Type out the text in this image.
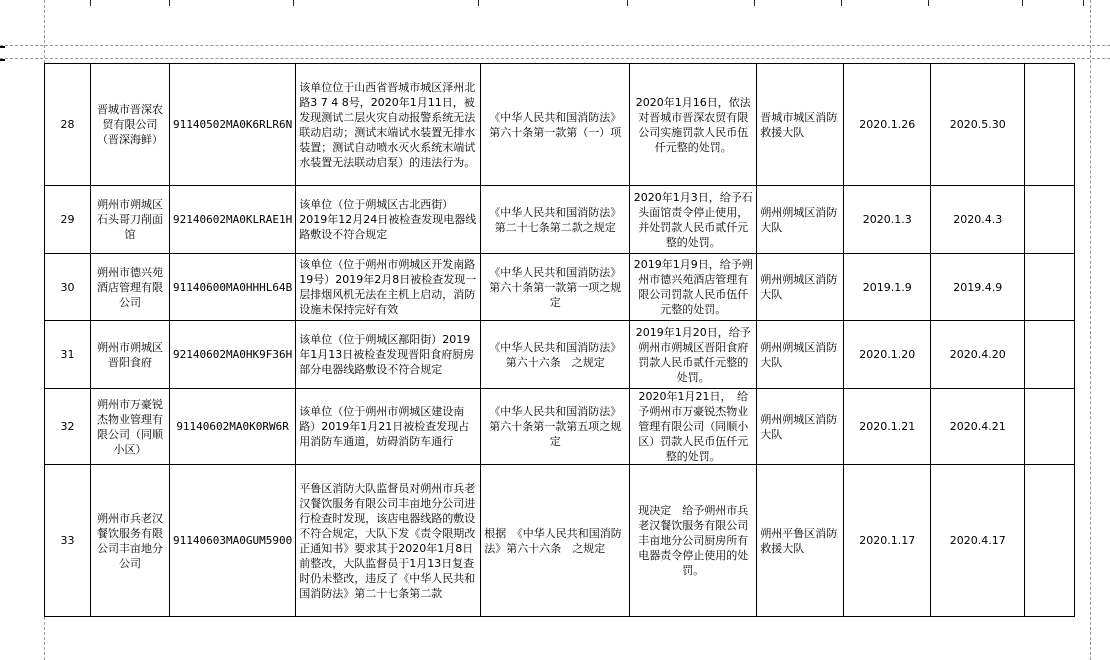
28	晋城市晋深农贸有限公司（晋深海鲜）	91140502MA0K6RLR6N	该单位位于山西省晋城市城区泽州北路3 7 4 8号，2020年1月11日，被发现测试二层火灾自动报警系统无法联动启动；测试末端试水装置无排水装置；测试自动喷水灭火系统末端试水装置无法联动启泵）的违法行为。	《中华人民共和国消防法》第六十条第一款第（一）项	2020年1月16日，依法对晋城市晋深农贸有限公司实施罚款人民币伍仟元整的处罚。	晋城市城区消防救援大队	2020.1.26	2020.5.30	
29	朔州市朔城区石头哥刀削面馆	92140602MA0KLRAE1H	该单位（位于朔城区古北西街）2019年12月24日被检查发现电器线路敷设不符合规定	《中华人民共和国消防法》第二十七条第二款之规定	2020年1月3日，给予石头面馆责令停止使用，并处罚款人民币贰仟元整的处罚。	朔州朔城区消防大队	2020.1.3	2020.4.3	
30	朔州市德兴苑酒店管理有限公司	91140600MA0HHHL64B	该单位（位于朔州市朔城区开发南路19号）2019年2月8日被检查发现一层排烟风机无法在主机上启动，消防设施未保持完好有效	《中华人民共和国消防法》第六十条第一款第一项之规定	2019年1月9日，给予朔州市德兴苑酒店管理有限公司罚款人民币伍仟元整的处罚。	朔州朔城区消防大队	2019.1.9	2019.4.9	
31	朔州市朔城区晋阳食府	92140602MA0HK9F36H	该单位（位于朔城区鄯阳街）2019年1月13日被检查发现晋阳食府厨房部分电器线路敷设不符合规定	《中华人民共和国消防法》第六十六条　之规定	2019年1月20日，给予朔州市朔城区晋阳食府罚款人民币贰仟元整的处罚。	朔州朔城区消防大队	2020.1.20	2020.4.20	
32	朔州市万豪锐杰物业管理有限公司（同顺小区）	91140602MA0K0RW6R	该单位（位于朔州市朔城区建设南路）2019年1月21日被检查发现占用消防车通道，妨碍消防车通行	《中华人民共和国消防法》第六十条第一款第五项之规定	2020年1月21日，　给予朔州市万豪锐杰物业管理有限公司（同顺小区）罚款人民币伍仟元整的处罚。	朔州朔城区消防大队	2020.1.21	2020.4.21	
33	朔州市兵老汉餐饮服务有限公司丰亩地分公司	91140603MA0GUM5900	平鲁区消防大队监督员对朔州市兵老汉餐饮服务有限公司丰亩地分公司进行检查时发现，该店电器线路的敷设不符合规定，大队下发《责令限期改正通知书》要求其于2020年1月8日前整改，大队监督员于1月13日复查时仍未整改，违反了《中华人民共和国消防法》第二十七条第二款	根据　《中华人民共和国消防法》第六十六条　之规定	现决定　给予朔州市兵老汉餐饮服务有限公司丰亩地分公司厨房所有电器责令停止使用的处罚。	朔州平鲁区消防救援大队	2020.1.17	2020.4.17	
